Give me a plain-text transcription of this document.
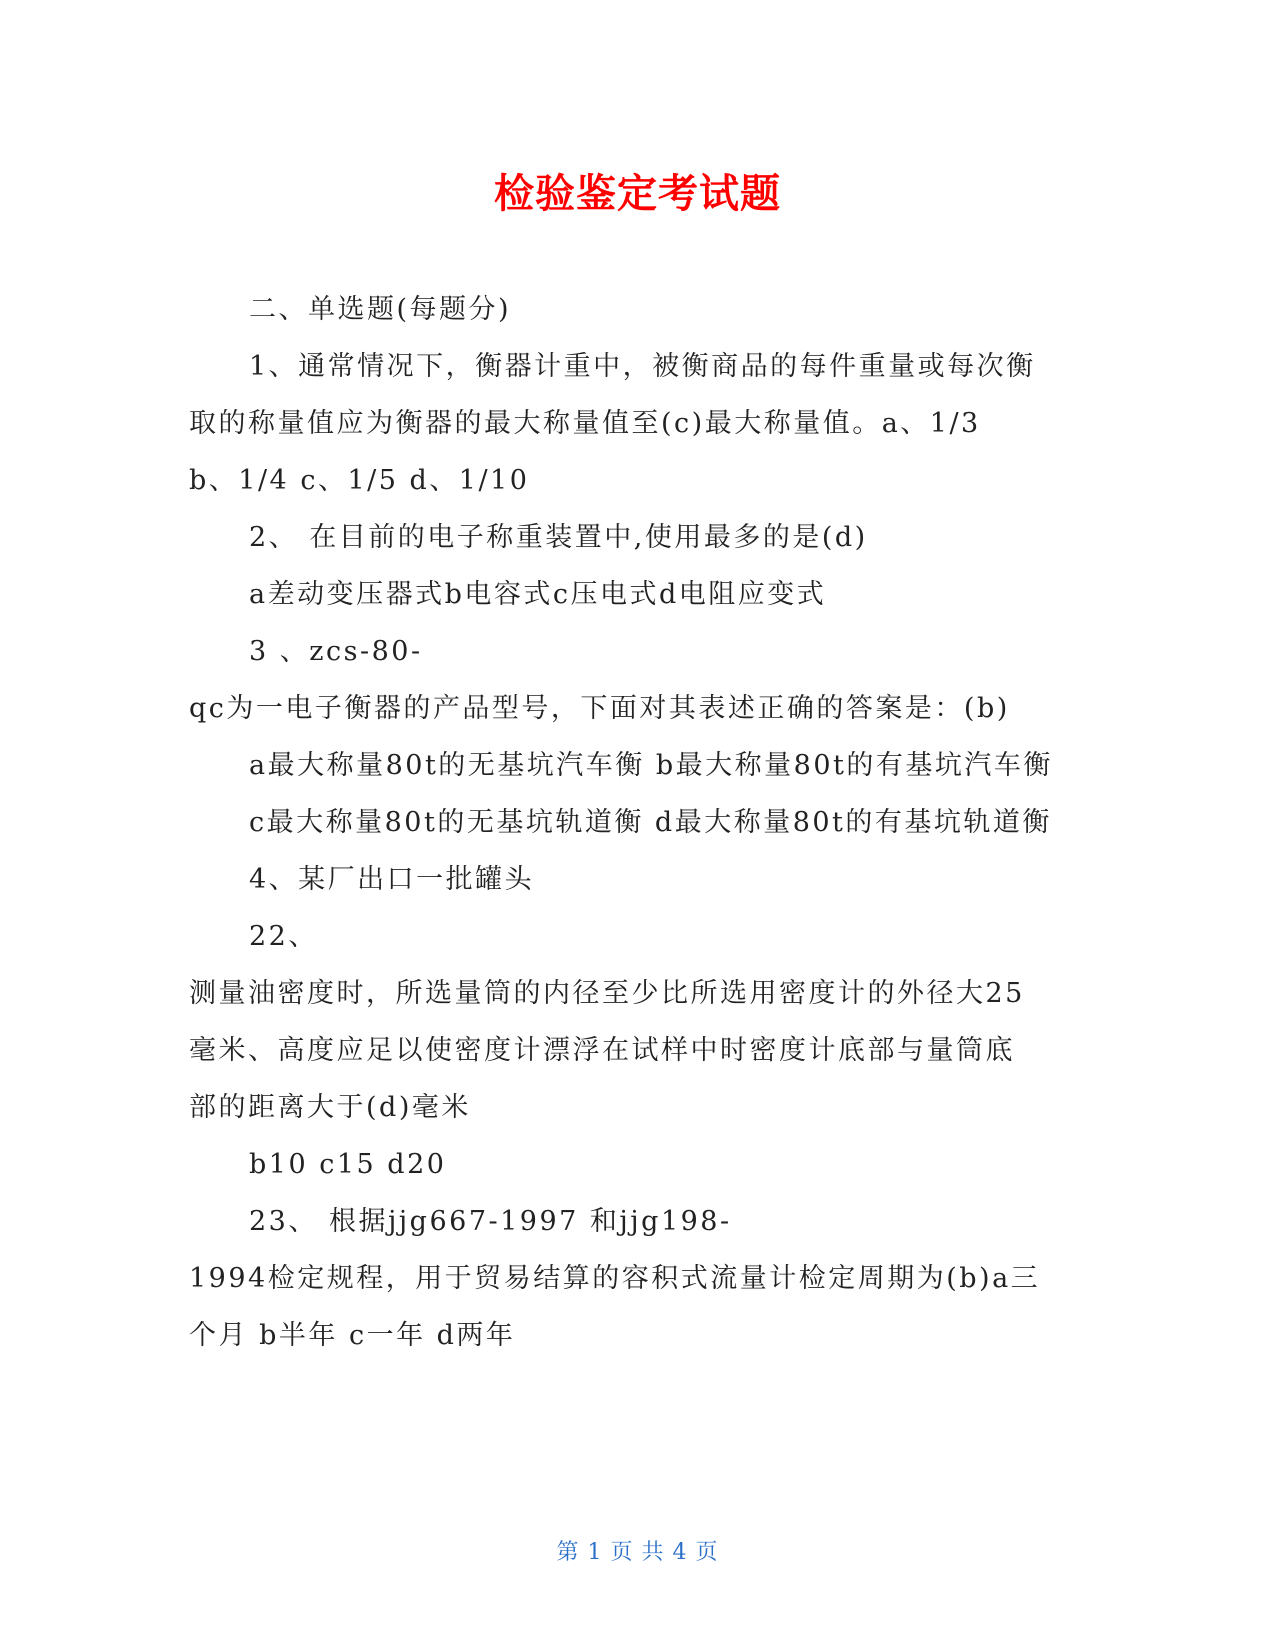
检验鉴定考试题
二、单选题(每题分)
1、通常情况下，衡器计重中，被衡商品的每件重量或每次衡
取的称量值应为衡器的最大称量值至(c)最大称量值。a、1/3
b、1/4 c、1/5 d、1/10
2、 在目前的电子称重装置中,使用最多的是(d)
a差动变压器式b电容式c压电式d电阻应变式
3 、zcs-80-
qc为一电子衡器的产品型号，下面对其表述正确的答案是：(b)
a最大称量80t的无基坑汽车衡 b最大称量80t的有基坑汽车衡
c最大称量80t的无基坑轨道衡 d最大称量80t的有基坑轨道衡
4、某厂出口一批罐头
22、
测量油密度时，所选量筒的内径至少比所选用密度计的外径大25
毫米、高度应足以使密度计漂浮在试样中时密度计底部与量筒底
部的距离大于(d)毫米
b10 c15 d20
23、 根据jjg667-1997 和jjg198-
1994检定规程，用于贸易结算的容积式流量计检定周期为(b)a三
个月 b半年 c一年 d两年
第 1 页 共 4 页
